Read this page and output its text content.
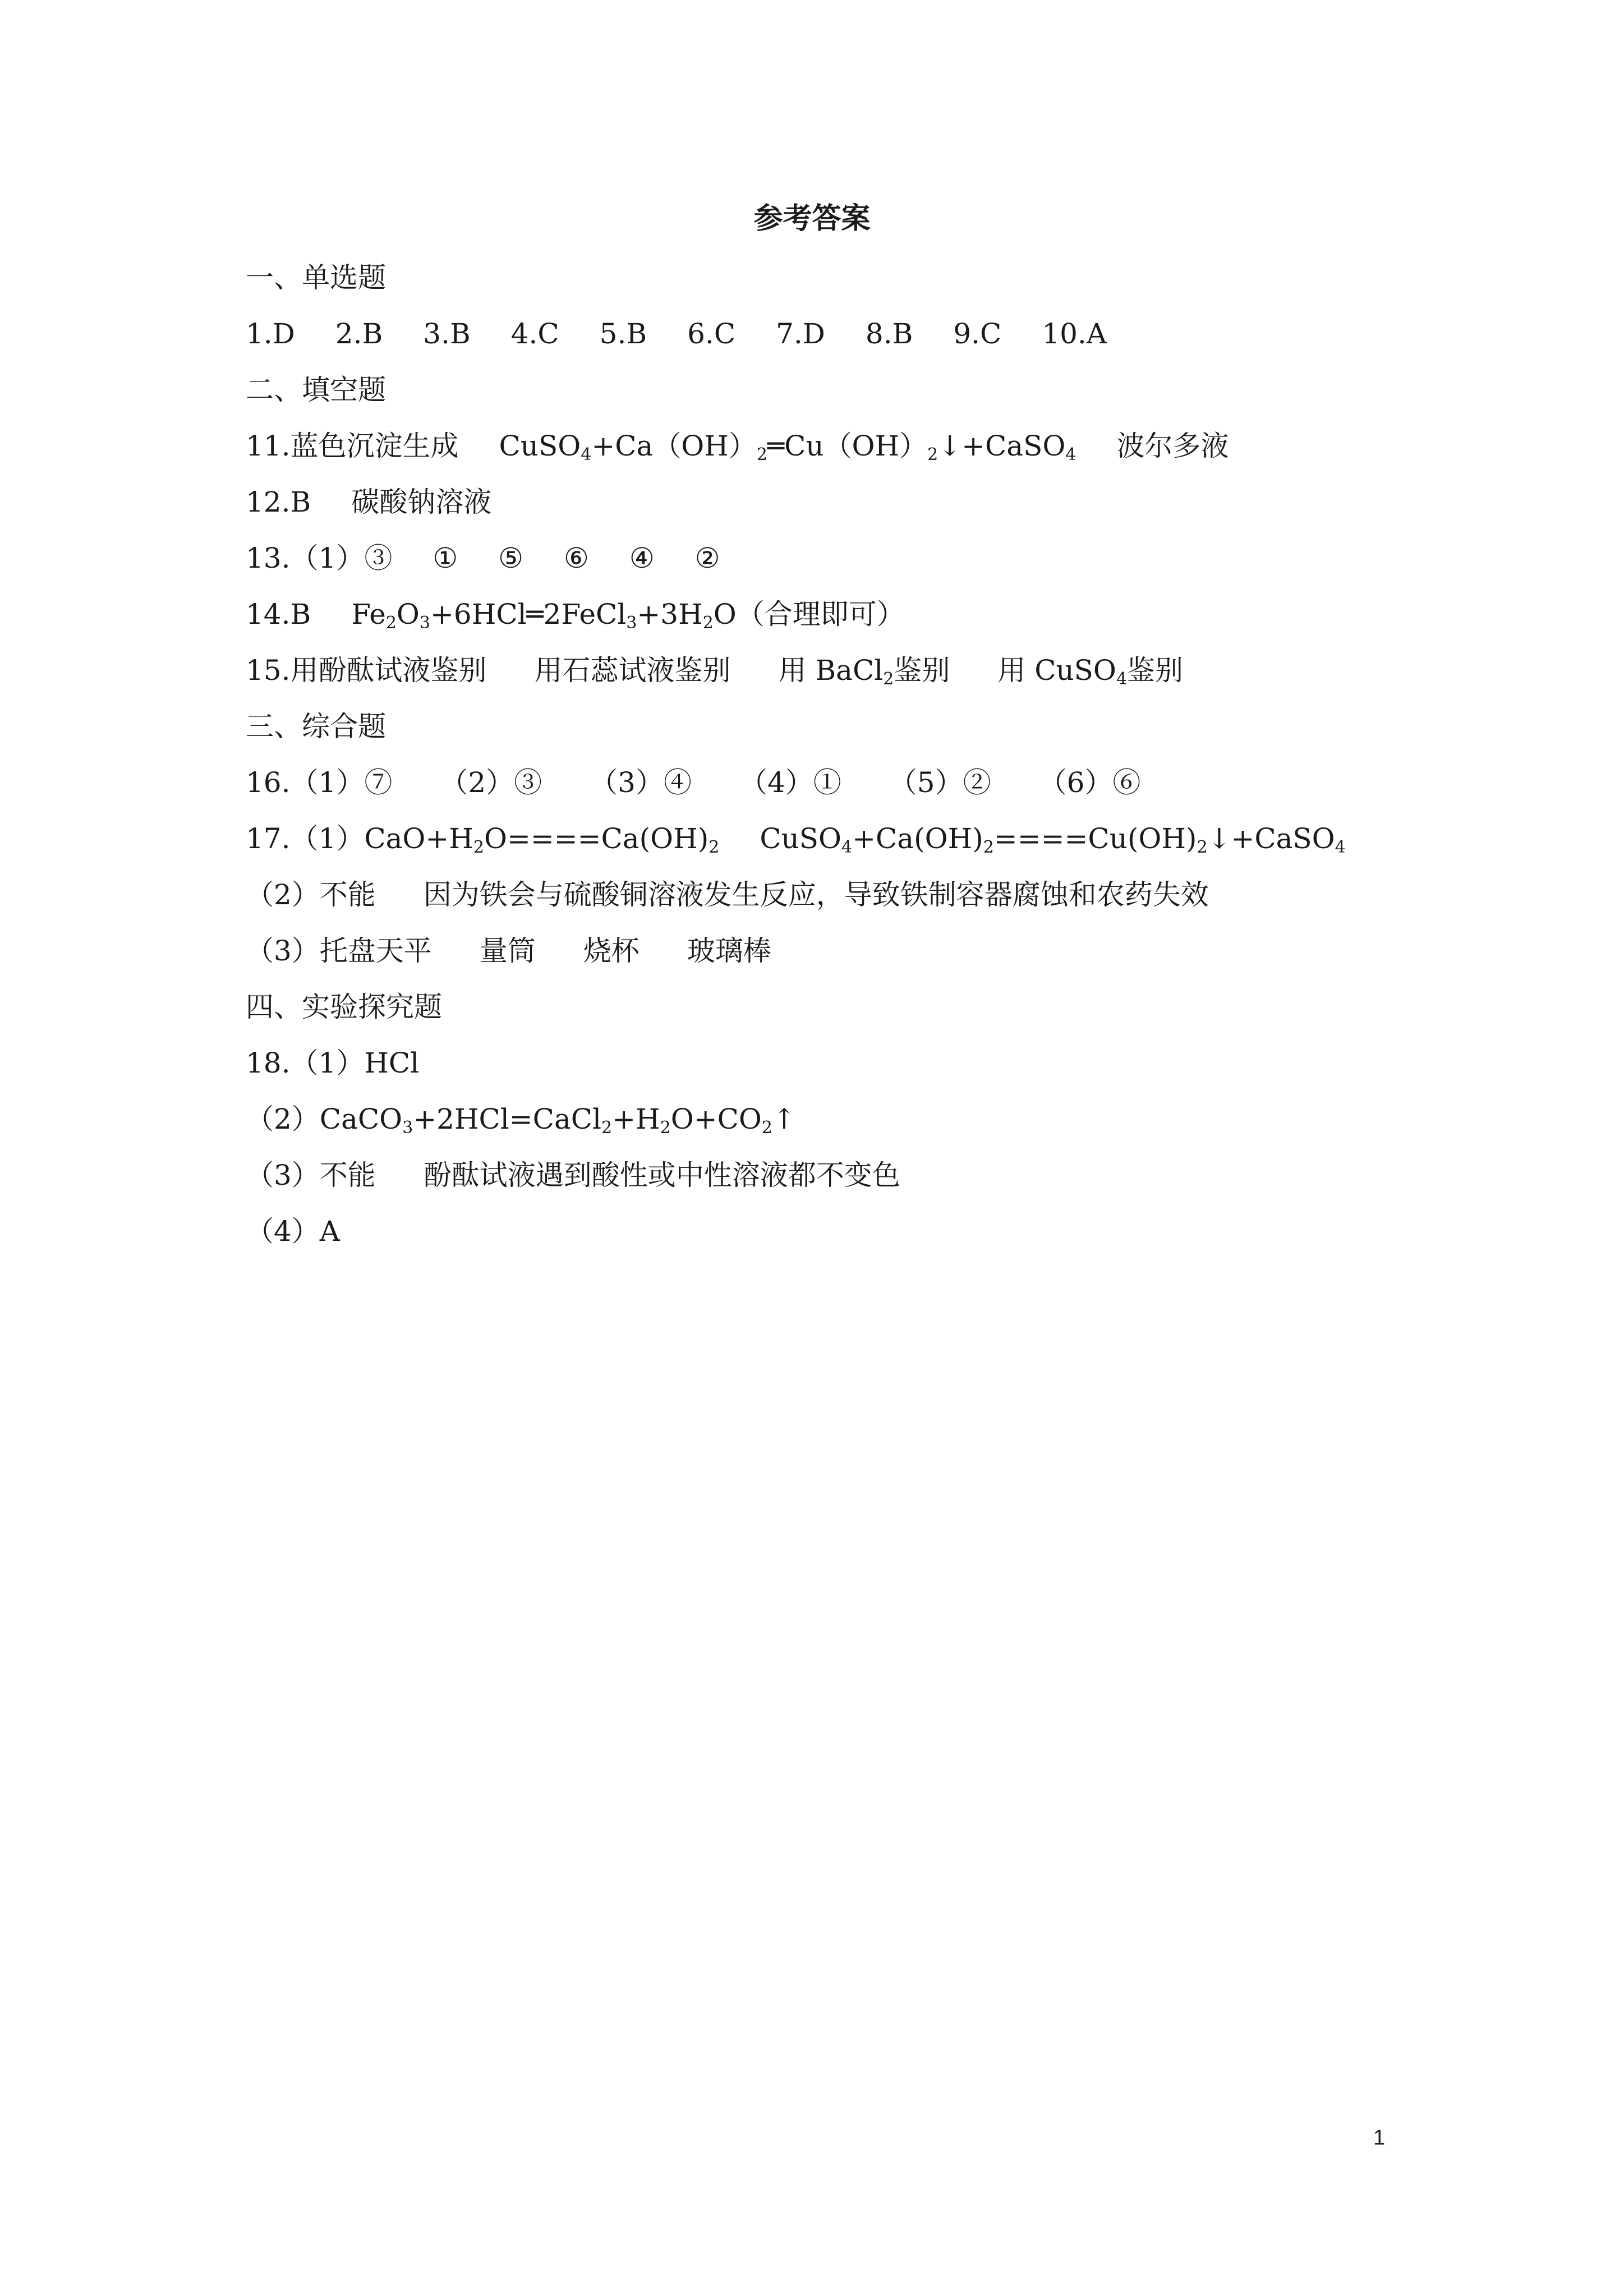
参考答案
一、单选题
1.D 2.B 3.B 4.C 5.B 6.C 7.D 8.B 9.C 10.A
二、填空题
11.蓝色沉淀生成 $CuSO_4+Ca(OH)_2═Cu(OH)_2↓+CaSO_4$ 波尔多液
12.B 碳酸钠溶液
13.（1）③ ① ⑤ ⑥ ④ ②
14.B $Fe_2O_3+6HCl═2FeCl_3+3H_2O$（合理即可）
15.用酚酞试液鉴别 用石蕊试液鉴别 用 BaCl$_2$鉴别 用 CuSO$_4$鉴别
三、综合题
16.（1）⑦ （2）③ （3）④ （4）① （5）② （6）⑥
$17.(1)CaO+H_2O====Ca(OH)_2$ $CuSO_4+Ca(OH)_2====Cu(OH)_2↓+CaSO_4$
（2）不能 因为铁会与硫酸铜溶液发生反应，导致铁制容器腐蚀和农药失效
（3）托盘天平 量筒 烧杯 玻璃棒
四、实验探究题
18.（1）HCl
$(2)CaCO_3+2HCl=CaCl_2+H_2O+CO_2↑$
（3）不能 酚酞试液遇到酸性或中性溶液都不变色
（4）A
1
